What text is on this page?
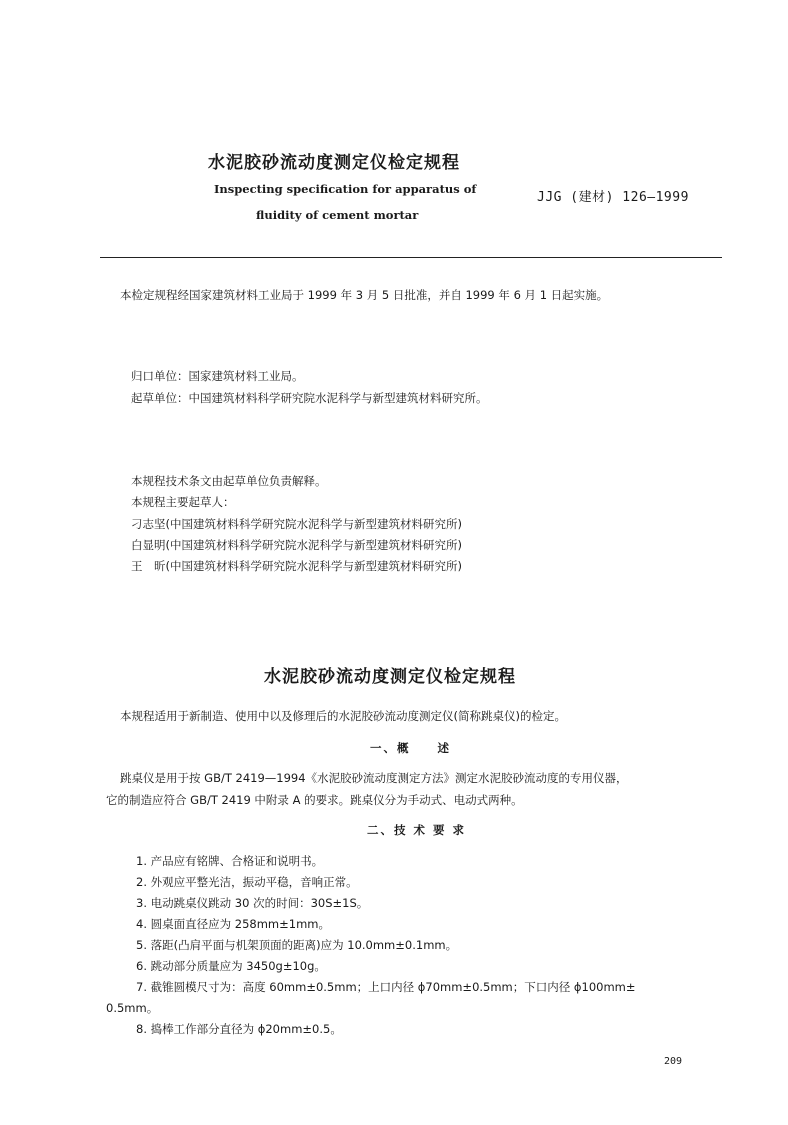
水泥胶砂流动度测定仪检定规程
Inspecting specification for apparatus of
fluidity of cement mortar
JJG (建材) 126—1999
本检定规程经国家建筑材料工业局于 1999 年 3 月 5 日批准，并自 1999 年 6 月 1 日起实施。
归口单位：国家建筑材料工业局。
起草单位：中国建筑材料科学研究院水泥科学与新型建筑材料研究所。
本规程技术条文由起草单位负责解释。
本规程主要起草人：
刁志坚(中国建筑材料科学研究院水泥科学与新型建筑材料研究所)
白显明(中国建筑材料科学研究院水泥科学与新型建筑材料研究所)
王　昕(中国建筑材料科学研究院水泥科学与新型建筑材料研究所)
水泥胶砂流动度测定仪检定规程
本规程适用于新制造、使用中以及修理后的水泥胶砂流动度测定仪(简称跳桌仪)的检定。
一、概　　述
跳桌仪是用于按 GB/T 2419—1994《水泥胶砂流动度测定方法》测定水泥胶砂流动度的专用仪器，
它的制造应符合 GB/T 2419 中附录 A 的要求。跳桌仪分为手动式、电动式两种。
二、技 术 要 求
1. 产品应有铭牌、合格证和说明书。
2. 外观应平整光洁，振动平稳，音响正常。
3. 电动跳桌仪跳动 30 次的时间：30S±1S。
4. 圆桌面直径应为 258mm±1mm。
5. 落距(凸肩平面与机架顶面的距离)应为 10.0mm±0.1mm。
6. 跳动部分质量应为 3450g±10g。
7. 截锥圆模尺寸为：高度 60mm±0.5mm；上口内径 ϕ70mm±0.5mm；下口内径 ϕ100mm±
0.5mm。
8. 捣棒工作部分直径为 ϕ20mm±0.5。
209
